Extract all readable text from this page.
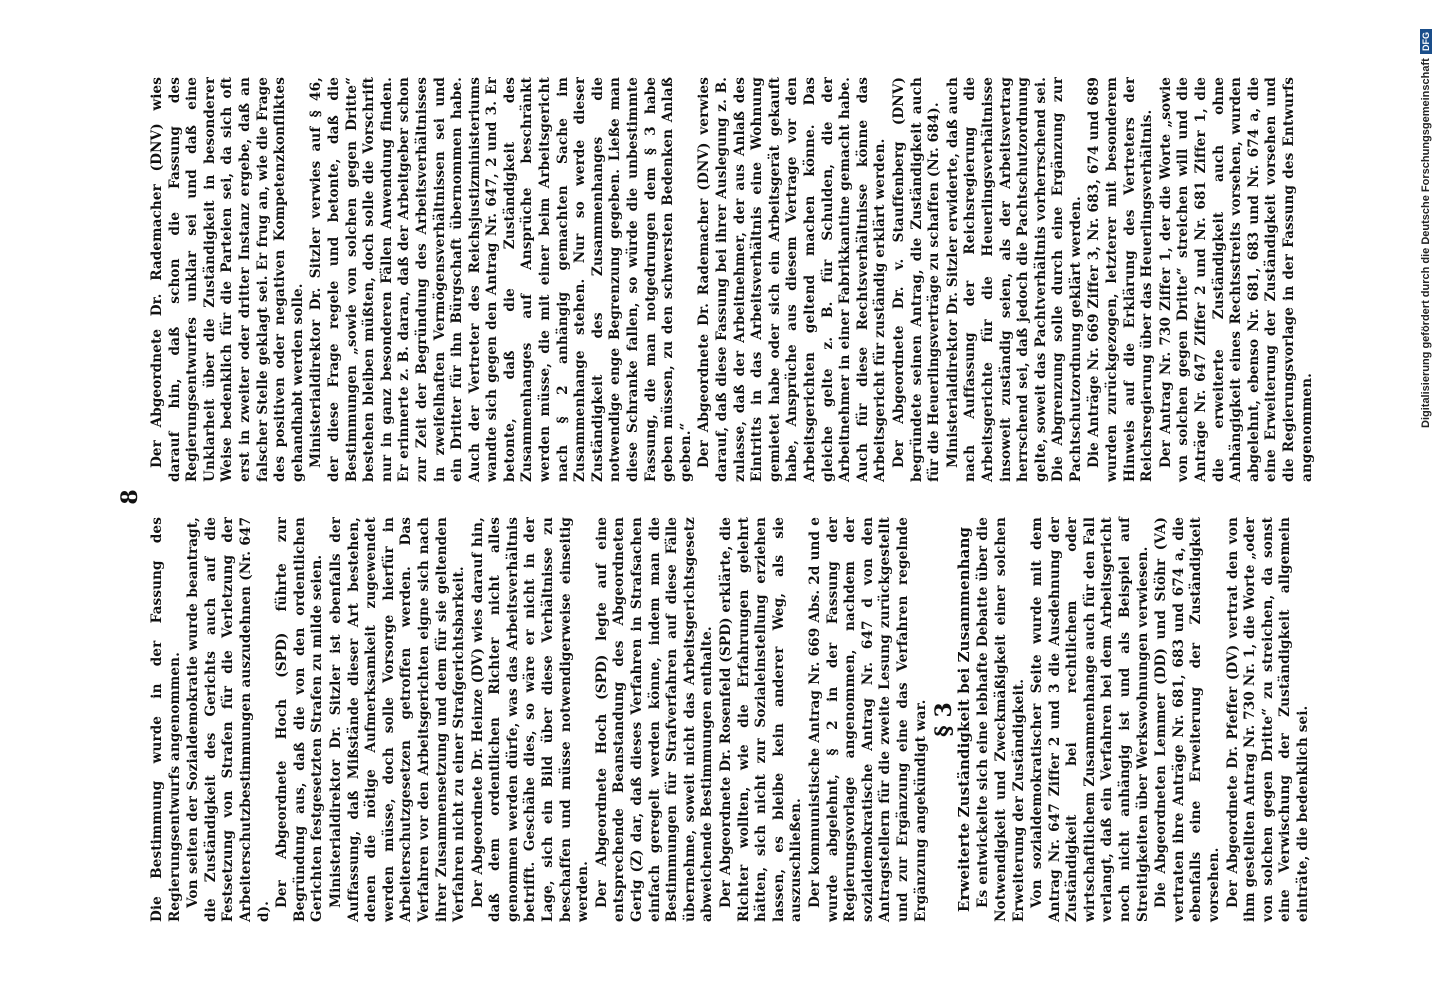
8

Die Bestimmung wurde in der Fassung des Regierungsentwurfs angenommen. Von seiten der Sozialdemokratie wurde beantragt, die Zuständigkeit des Gerichts auch auf die Festsetzung von Strafen für die Verletzung der Arbeiterschutzbestimmungen auszudehnen (Nr. 647 d).

Der Abgeordnete Hoch (SPD) führte zur Begründung aus, daß die von den ordentlichen Gerichten festgesetzten Strafen zu milde seien. Ministerialdirektor Dr. Sitzler ist ebenfalls der Auffassung, daß Mißstände dieser Art bestehen, denen die nötige Aufmerksamkeit zugewendet werden müsse, doch solle Vorsorge hierfür in Arbeiterschutzgesetzen getroffen werden. Das Verfahren vor den Arbeitsgerichten eigne sich nach ihrer Zusammensetzung und dem für sie geltenden Verfahren nicht zu einer Strafgerichtsbarkeit. Der Abgeordnete Dr. Heinze (DV) wies darauf hin, daß dem ordentlichen Richter nicht alles genommen werden dürfe, was das Arbeitsverhältnis betrifft. Geschähe dies, so wäre er nicht in der Lage, sich ein Bild über diese Verhältnisse zu beschaffen und müsse notwendigerweise einseitig werden. Der Abgeordnete Hoch (SPD) legte auf eine entsprechende Beanstandung des Abgeordneten Gerig (Z) dar, daß dieses Verfahren in Strafsachen einfach geregelt werden könne, indem man die Bestimmungen für Strafverfahren auf diese Fälle übernehme, soweit nicht das Arbeitsgerichtsgesetz abweichende Bestimmungen enthalte. Der Abgeordnete Dr. Rosenfeld (SPD) erklärte, die Richter wollten, wie die Erfahrungen gelehrt hätten, sich nicht zur Sozialeinstellung erziehen lassen, es bleibe kein anderer Weg, als sie auszuschließen. Der kommunistische Antrag Nr. 669 Abs. 2d und e wurde abgelehnt, § 2 in der Fassung der Regierungsvorlage angenommen, nachdem der sozialdemokratische Antrag Nr. 647 d von den Antragstellern für die zweite Lesung zurückgestellt und zur Ergänzung eine das Verfahren regelnde Ergänzung angekündigt war. § 3
Erweiterte Zuständigkeit bei Zusammenhang Es entwickelte sich eine lebhafte Debatte über die Notwendigkeit und Zweckmäßigkeit einer solchen Erweiterung der Zuständigkeit. Von sozialdemokratischer Seite wurde mit dem Antrag Nr. 647 Ziffer 2 und 3 die Ausdehnung der Zuständigkeit bei rechtlichem oder wirtschaftlichem Zusammenhange auch für den Fall verlangt, daß ein Verfahren bei dem Arbeitsgericht noch nicht anhängig ist und als Beispiel auf Streitigkeiten über Werkswohnungen verwiesen. Die Abgeordneten Lemmer (DD) und Stöhr (VA) vertraten ihre Anträge Nr. 681, 683 und 674 a, die ebenfalls eine Erweiterung der Zuständigkeit vorsehen. Der Abgeordnete Dr. Pfeffer (DV) vertrat den von ihm gestellten Antrag Nr. 730 Nr. 1, die Worte „oder von solchen gegen Dritte“ zu streichen, da sonst eine Verwischung der Zuständigkeit allgemein einträte, die bedenklich sei.

Der Abgeordnete Dr. Rademacher (DNV) wies darauf hin, daß schon die Fassung des Regierungsentwurfes unklar sei und daß eine Unklarheit über die Zuständigkeit in besonderer Weise bedenklich für die Parteien sei, da sich oft erst in zweiter oder dritter Instanz ergebe, daß an falscher Stelle geklagt sei. Er frug an, wie die Frage des positiven oder negativen Kompetenzkonfliktes gehandhabt werden solle. Ministerialdirektor Dr. Sitzler verwies auf § 46, der diese Frage regele und betonte, daß die Bestimmungen „sowie von solchen gegen Dritte“ bestehen bleiben müßten, doch solle die Vorschrift nur in ganz besonderen Fällen Anwendung finden. Er erinnerte z. B. daran, daß der Arbeitgeber schon zur Zeit der Begründung des Arbeitsverhältnisses in zweifelhaften Vermögensverhältnissen sei und ein Dritter für ihn Bürgschaft übernommen habe. Auch der Vertreter des Reichsjustizministeriums wandte sich gegen den Antrag Nr. 647, 2 und 3. Er betonte, daß die Zuständigkeit des Zusammenhanges auf Ansprüche beschränkt werden müsse, die mit einer beim Arbeitsgericht nach § 2 anhängig gemachten Sache im Zusammenhange stehen. Nur so werde dieser Zuständigkeit des Zusammenhanges die notwendige enge Begrenzung gegeben. Ließe man diese Schranke fallen, so würde die unbestimmte Fassung, die man notgedrungen dem § 3 habe geben müssen, zu den schwersten Bedenken Anlaß geben.“ Der Abgeordnete Dr. Rademacher (DNV) verwies darauf, daß diese Fassung bei ihrer Auslegung z. B. zulasse, daß der Arbeitnehmer, der aus Anlaß des Eintritts in das Arbeitsverhältnis eine Wohnung gemietet habe oder sich ein Arbeitsgerät gekauft habe, Ansprüche aus diesem Vertrage vor den Arbeitsgerichten geltend machen könne. Das gleiche gelte z. B. für Schulden, die der Arbeitnehmer in einer Fabrikkantine gemacht habe. Auch für diese Rechtsverhältnisse könne das Arbeitsgericht für zuständig erklärt werden. Der Abgeordnete Dr. v. Stauffenberg (DNV) begründete seinen Antrag, die Zuständigkeit auch für die Heuerlingsverträge zu schaffen (Nr. 684). Ministerialdirektor Dr. Sitzler erwiderte, daß auch nach Auffassung der Reichsregierung die Arbeitsgerichte für die Heuerlingsverhältnisse insoweit zuständig seien, als der Arbeitsvertrag herrschend sei, daß jedoch die Pachtschutzordnung gelte, soweit das Pachtverhältnis vorherrschend sei. Die Abgrenzung solle durch eine Ergänzung zur Pachtschutzordnung geklärt werden. Die Anträge Nr. 669 Ziffer 3, Nr. 683, 674 und 689 wurden zurückgezogen, letzterer mit besonderem Hinweis auf die Erklärung des Vertreters der Reichsregierung über das Heuerlingsverhältnis. Der Antrag Nr. 730 Ziffer 1, der die Worte „sowie von solchen gegen Dritte“ streichen will und die Anträge Nr. 647 Ziffer 2 und Nr. 681 Ziffer 1, die die erweiterte Zuständigkeit auch ohne Anhängigkeit eines Rechtsstreits vorsehen, wurden abgelehnt, ebenso Nr. 681, 683 und Nr. 674 a, die eine Erweiterung der Zuständigkeit vorsehen und die Regierungsvorlage in der Fassung des Entwurfs angenommen.	Digitalisierung gefördert durch die Deutsche Forschungsgemeinschaft
DFG
